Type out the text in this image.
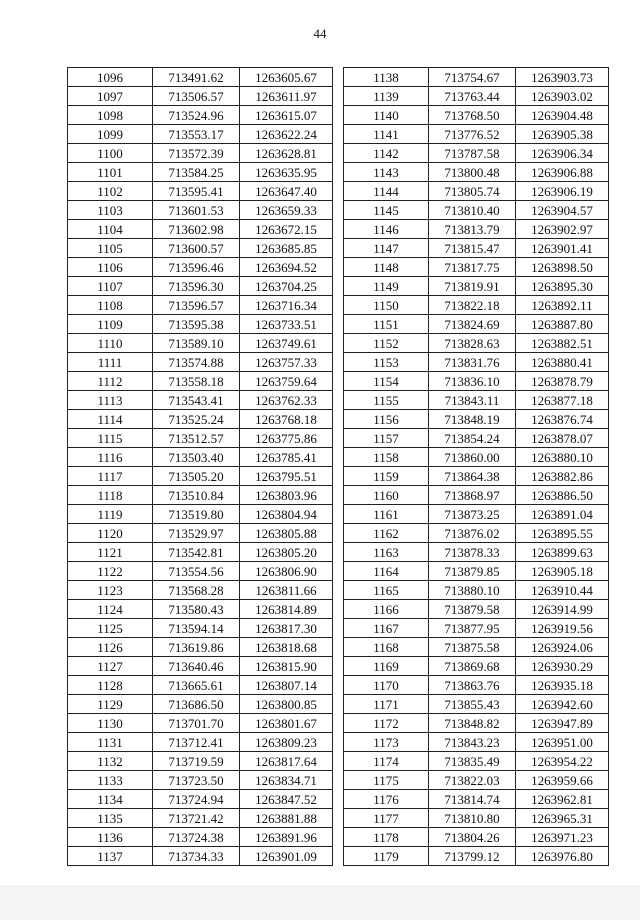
44
1096	713491.62	1263605.67
1097	713506.57	1263611.97
1098	713524.96	1263615.07
1099	713553.17	1263622.24
1100	713572.39	1263628.81
1101	713584.25	1263635.95
1102	713595.41	1263647.40
1103	713601.53	1263659.33
1104	713602.98	1263672.15
1105	713600.57	1263685.85
1106	713596.46	1263694.52
1107	713596.30	1263704.25
1108	713596.57	1263716.34
1109	713595.38	1263733.51
1110	713589.10	1263749.61
1111	713574.88	1263757.33
1112	713558.18	1263759.64
1113	713543.41	1263762.33
1114	713525.24	1263768.18
1115	713512.57	1263775.86
1116	713503.40	1263785.41
1117	713505.20	1263795.51
1118	713510.84	1263803.96
1119	713519.80	1263804.94
1120	713529.97	1263805.88
1121	713542.81	1263805.20
1122	713554.56	1263806.90
1123	713568.28	1263811.66
1124	713580.43	1263814.89
1125	713594.14	1263817.30
1126	713619.86	1263818.68
1127	713640.46	1263815.90
1128	713665.61	1263807.14
1129	713686.50	1263800.85
1130	713701.70	1263801.67
1131	713712.41	1263809.23
1132	713719.59	1263817.64
1133	713723.50	1263834.71
1134	713724.94	1263847.52
1135	713721.42	1263881.88
1136	713724.38	1263891.96
1137	713734.33	1263901.09
1138	713754.67	1263903.73
1139	713763.44	1263903.02
1140	713768.50	1263904.48
1141	713776.52	1263905.38
1142	713787.58	1263906.34
1143	713800.48	1263906.88
1144	713805.74	1263906.19
1145	713810.40	1263904.57
1146	713813.79	1263902.97
1147	713815.47	1263901.41
1148	713817.75	1263898.50
1149	713819.91	1263895.30
1150	713822.18	1263892.11
1151	713824.69	1263887.80
1152	713828.63	1263882.51
1153	713831.76	1263880.41
1154	713836.10	1263878.79
1155	713843.11	1263877.18
1156	713848.19	1263876.74
1157	713854.24	1263878.07
1158	713860.00	1263880.10
1159	713864.38	1263882.86
1160	713868.97	1263886.50
1161	713873.25	1263891.04
1162	713876.02	1263895.55
1163	713878.33	1263899.63
1164	713879.85	1263905.18
1165	713880.10	1263910.44
1166	713879.58	1263914.99
1167	713877.95	1263919.56
1168	713875.58	1263924.06
1169	713869.68	1263930.29
1170	713863.76	1263935.18
1171	713855.43	1263942.60
1172	713848.82	1263947.89
1173	713843.23	1263951.00
1174	713835.49	1263954.22
1175	713822.03	1263959.66
1176	713814.74	1263962.81
1177	713810.80	1263965.31
1178	713804.26	1263971.23
1179	713799.12	1263976.80
